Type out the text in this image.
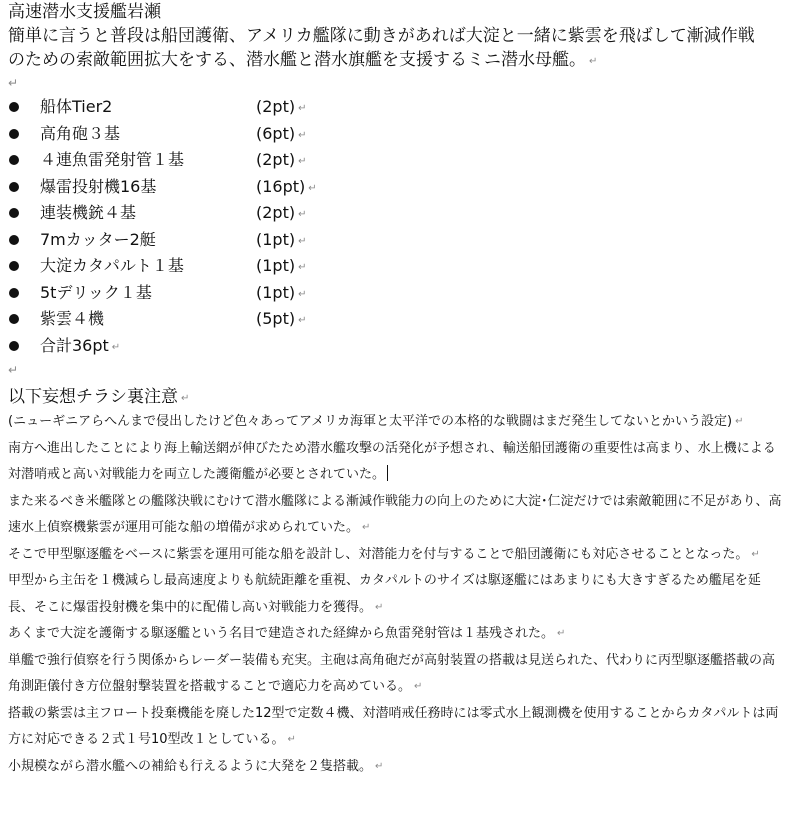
高速潜水支援艦岩瀬
簡単に言うと普段は船団護衛、アメリカ艦隊に動きがあれば大淀と一緒に紫雲を飛ばして漸減作戦
のための索敵範囲拡大をする、潜水艦と潜水旗艦を支援するミニ潜水母艦。 ↵
↵
船体Tier2	(2pt) ↵
高角砲３基	(6pt) ↵
４連魚雷発射管１基	(2pt) ↵
爆雷投射機16基	(16pt) ↵
連装機銃４基	(2pt) ↵
7mカッター2艇	(1pt) ↵
大淀カタパルト１基	(1pt) ↵
5tデリック１基	(1pt) ↵
紫雲４機	(5pt) ↵
合計36pt ↵
↵
以下妄想チラシ裏注意 ↵

(ニューギニアらへんまで侵出したけど色々あってアメリカ海軍と太平洋での本格的な戦闘はまだ発生してないとかいう設定) ↵

南方へ進出したことにより海上輸送網が伸びたため潜水艦攻撃の活発化が予想され、輸送船団護衛の重要性は高まり、水上機による対潜哨戒と高い対戦能力を両立した護衛艦が必要とされていた。

また来るべき米艦隊との艦隊決戦にむけて潜水艦隊による漸減作戦能力の向上のために大淀･仁淀だけでは索敵範囲に不足があり、高速水上偵察機紫雲が運用可能な船の増備が求められていた。 ↵

そこで甲型駆逐艦をベースに紫雲を運用可能な船を設計し、対潜能力を付与することで船団護衛にも対応させることとなった。 ↵

甲型から主缶を１機減らし最高速度よりも航続距離を重視、カタパルトのサイズは駆逐艦にはあまりにも大きすぎるため艦尾を延長、そこに爆雷投射機を集中的に配備し高い対戦能力を獲得。 ↵

あくまで大淀を護衛する駆逐艦という名目で建造された経緯から魚雷発射管は１基残された。 ↵

単艦で強行偵察を行う関係からレーダー装備も充実。主砲は高角砲だが高射装置の搭載は見送られた、代わりに丙型駆逐艦搭載の高角測距儀付き方位盤射撃装置を搭載することで適応力を高めている。 ↵

搭載の紫雲は主フロート投棄機能を廃した12型で定数４機、対潜哨戒任務時には零式水上観測機を使用することからカタパルトは両方に対応できる２式１号10型改１としている。 ↵

小規模ながら潜水艦への補給も行えるように大発を２隻搭載。 ↵
